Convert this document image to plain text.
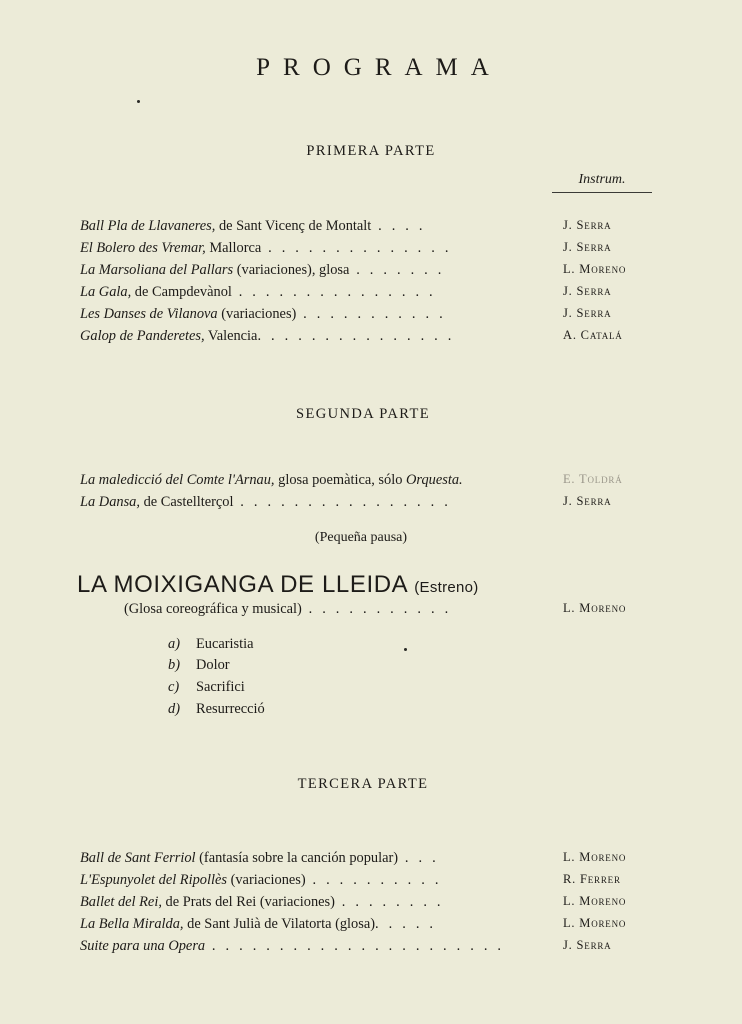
PROGRAMA
PRIMERA PARTE
Instrum.
Ball Pla de Llavaneres, de Sant Vicenç de Montalt . . . .	J. Serra
El Bolero des Vremar, Mallorca . . . . . . . . . . . . . .	J. Serra
La Marsoliana del Pallars (variaciones), glosa . . . . . . .	L. Moreno
La Gala, de Campdevànol . . . . . . . . . . . . . . .	J. Serra
Les Danses de Vilanova (variaciones) . . . . . . . . . . .	J. Serra
Galop de Panderetes, Valencia. . . . . . . . . . . . . . .	A. Catalá
SEGUNDA PARTE
La maledicció del Comte l'Arnau, glosa poemàtica, sólo Orquesta.	E. Toldrá
La Dansa, de Castellterçol . . . . . . . . . . . . . . . .	J. Serra
(Pequeña pausa)
LA MOIXIGANGA DE LLEIDA (Estreno)
(Glosa coreográfica y musical) . . . . . . . . . . .	L. Moreno
a) Eucaristia
b) Dolor
c) Sacrifici
d) Resurrecció
TERCERA PARTE
Ball de Sant Ferriol (fantasía sobre la canción popular) . . .	L. Moreno
L'Espunyolet del Ripollès (variaciones) . . . . . . . . . .	R. Ferrer
Ballet del Rei, de Prats del Rei (variaciones) . . . . . . . .	L. Moreno
La Bella Miralda, de Sant Julià de Vilatorta (glosa). . . . .	L. Moreno
Suite para una Opera . . . . . . . . . . . . . . . . . . . . . .	J. Serra
